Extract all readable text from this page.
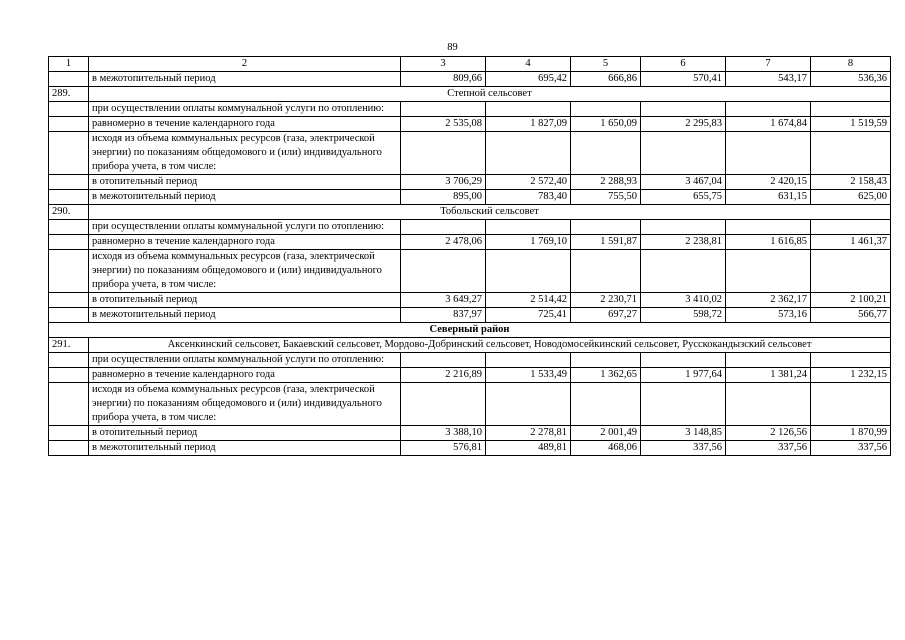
89
1	2	3	4	5	6	7	8
	в межотопительный период	809,66	695,42	666,86	570,41	543,17	536,36
289.	Степной сельсовет						
	при осуществлении оплаты коммунальной услуги по отоплению:						
	равномерно в течение календарного года	2 535,08	1 827,09	1 650,09	2 295,83	1 674,84	1 519,59
	исходя из объема коммунальных ресурсов (газа, электрической энергии) по показаниям общедомового и (или) индивидуального прибора учета, в том числе:						
	в отопительный период	3 706,29	2 572,40	2 288,93	3 467,04	2 420,15	2 158,43
	в межотопительный период	895,00	783,40	755,50	655,75	631,15	625,00
290.	Тобольский сельсовет						
	при осуществлении оплаты коммунальной услуги по отоплению:						
	равномерно в течение календарного года	2 478,06	1 769,10	1 591,87	2 238,81	1 616,85	1 461,37
	исходя из объема коммунальных ресурсов (газа, электрической энергии) по показаниям общедомового и (или) индивидуального прибора учета, в том числе:						
	в отопительный период	3 649,27	2 514,42	2 230,71	3 410,02	2 362,17	2 100,21
	в межотопительный период	837,97	725,41	697,27	598,72	573,16	566,77
Северный район							
291.	Аксенкинский сельсовет, Бакаевский сельсовет, Мордово-Добринский сельсовет, Новодомосейкинский сельсовет, Русскокандызский сельсовет						
	при осуществлении оплаты коммунальной услуги по отоплению:						
	равномерно в течение календарного года	2 216,89	1 533,49	1 362,65	1 977,64	1 381,24	1 232,15
	исходя из объема коммунальных ресурсов (газа, электрической энергии) по показаниям общедомового и (или) индивидуального прибора учета, в том числе:						
	в отопительный период	3 388,10	2 278,81	2 001,49	3 148,85	2 126,56	1 870,99
	в межотопительный период	576,81	489,81	468,06	337,56	337,56	337,56
